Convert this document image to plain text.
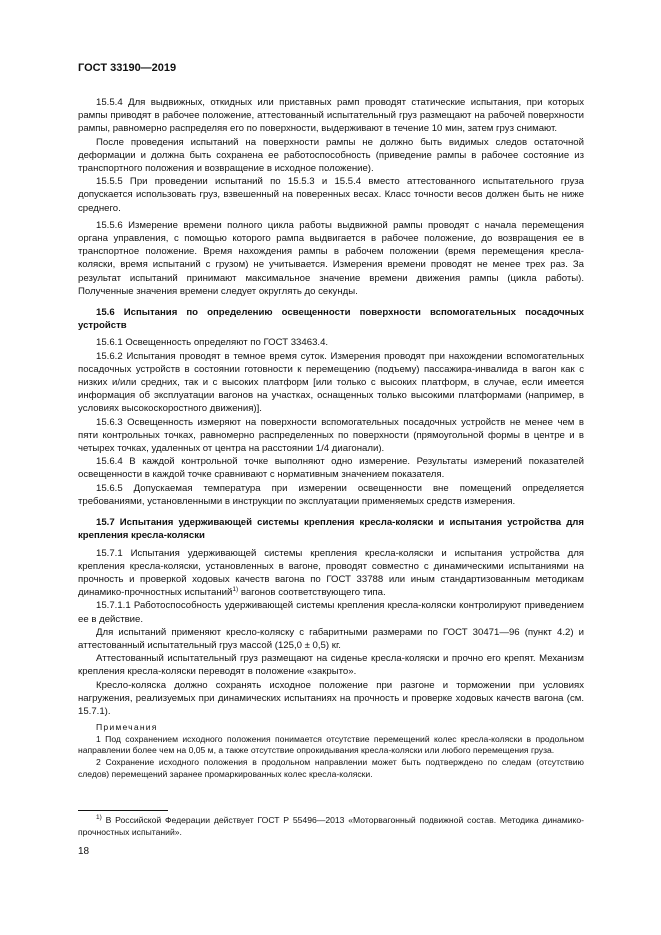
ГОСТ 33190—2019

15.5.4 Для выдвижных, откидных или приставных рамп проводят статические испытания, при которых рампы приводят в рабочее положение, аттестованный испытательный груз размещают на рабочей поверхности рампы, равномерно распределяя его по поверхности, выдерживают в течение 10 мин, затем груз снимают.

После проведения испытаний на поверхности рампы не должно быть видимых следов остаточной деформации и должна быть сохранена ее работоспособность (приведение рампы в рабочее состояние из транспортного положения и возвращение в исходное положение).

15.5.5 При проведении испытаний по 15.5.3 и 15.5.4 вместо аттестованного испытательного груза допускается использовать груз, взвешенный на поверенных весах. Класс точности весов должен быть не ниже среднего.

15.5.6 Измерение времени полного цикла работы выдвижной рампы проводят с начала перемещения органа управления, с помощью которого рампа выдвигается в рабочее положение, до возвращения ее в транспортное положение. Время нахождения рампы в рабочем положении (время перемещения кресла-коляски, время испытаний с грузом) не учитывается. Измерения времени проводят не менее трех раз. За результат испытаний принимают максимальное значение времени движения рампы (цикла работы). Полученные значения времени следует округлять до секунды.

15.6 Испытания по определению освещенности поверхности вспомогательных посадочных устройств

15.6.1 Освещенность определяют по ГОСТ 33463.4.

15.6.2 Испытания проводят в темное время суток. Измерения проводят при нахождении вспомогательных посадочных устройств в состоянии готовности к перемещению (подъему) пассажира-инвалида в вагон как с низких и/или средних, так и с высоких платформ [или только с высоких платформ, в случае, если имеется информация об эксплуатации вагонов на участках, оснащенных только высокими платформами (например, в условиях высокоскоростного движения)].

15.6.3 Освещенность измеряют на поверхности вспомогательных посадочных устройств не менее чем в пяти контрольных точках, равномерно распределенных по поверхности (прямоугольной формы в центре и в четырех точках, удаленных от центра на расстоянии 1/4 диагонали).

15.6.4 В каждой контрольной точке выполняют одно измерение. Результаты измерений показателей освещенности в каждой точке сравнивают с нормативным значением показателя.

15.6.5 Допускаемая температура при измерении освещенности вне помещений определяется требованиями, установленными в инструкции по эксплуатации применяемых средств измерения.

15.7 Испытания удерживающей системы крепления кресла-коляски и испытания устройства для крепления кресла-коляски

15.7.1 Испытания удерживающей системы крепления кресла-коляски и испытания устройства для крепления кресла-коляски, установленных в вагоне, проводят совместно с динамическими испытаниями на прочность и проверкой ходовых качеств вагона по ГОСТ 33788 или иным стандартизованным методикам динамико-прочностных испытаний$^{1)}$ вагонов соответствующего типа.

15.7.1.1 Работоспособность удерживающей системы крепления кресла-коляски контролируют приведением ее в действие.

Для испытаний применяют кресло-коляску с габаритными размерами по ГОСТ 30471—96 (пункт 4.2) и аттестованный испытательный груз массой (125,0 ± 0,5) кг.

Аттестованный испытательный груз размещают на сиденье кресла-коляски и прочно его крепят. Механизм крепления кресла-коляски переводят в положение «закрыто».

Кресло-коляска должно сохранять исходное положение при разгоне и торможении при условиях нагружения, реализуемых при динамических испытаниях на прочность и проверке ходовых качеств вагона (см. 15.7.1).

Примечания

1 Под сохранением исходного положения понимается отсутствие перемещений колес кресла-коляски в продольном направлении более чем на 0,05 м, а также отсутствие опрокидывания кресла-коляски или любого перемещения груза.

2 Сохранение исходного положения в продольном направлении может быть подтверждено по следам (отсутствию следов) перемещений заранее промаркированных колес кресла-коляски.

$^{1)}$ В Российской Федерации действует ГОСТ Р 55496—2013 «Моторвагонный подвижной состав. Методика динамико-прочностных испытаний».
18
